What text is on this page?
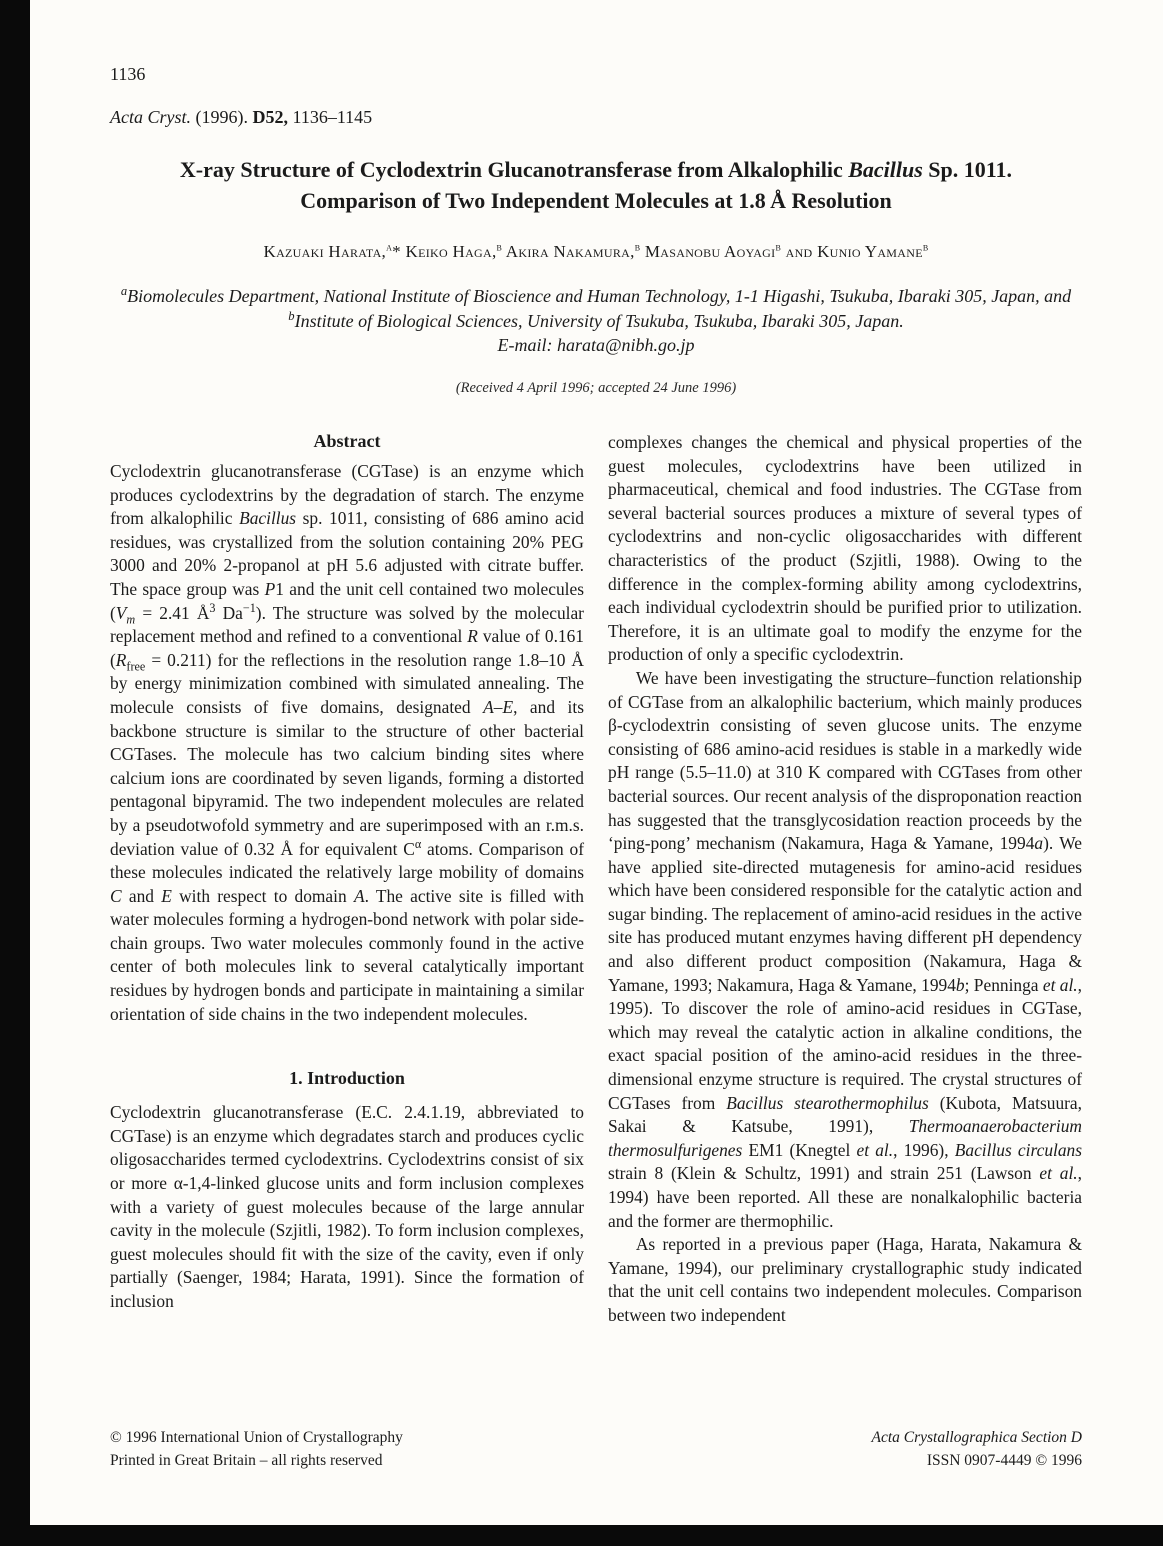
1136
Acta Cryst. (1996). D52, 1136–1145
X-ray Structure of Cyclodextrin Glucanotransferase from Alkalophilic Bacillus Sp. 1011. Comparison of Two Independent Molecules at 1.8 Å Resolution
Kazuaki Harata,$^a$* Keiko Haga,$^b$ Akira Nakamura,$^b$ Masanobu Aoyagi$^b$ and Kunio Yamane$^b$
$^a$Biomolecules Department, National Institute of Bioscience and Human Technology, 1-1 Higashi, Tsukuba, Ibaraki 305, Japan, and $^b$Institute of Biological Sciences, University of Tsukuba, Tsukuba, Ibaraki 305, Japan.
E-mail: harata@nibh.go.jp
(Received 4 April 1996; accepted 24 June 1996)
Abstract

Cyclodextrin glucanotransferase (CGTase) is an enzyme which produces cyclodextrins by the degradation of starch. The enzyme from alkalophilic Bacillus sp. 1011, consisting of 686 amino acid residues, was crystallized from the solution containing 20% PEG 3000 and 20% 2-propanol at pH 5.6 adjusted with citrate buffer. The space group was P1 and the unit cell contained two molecules ($V_m = 2.41$ $Å^3$ $Da^{-1}$). The structure was solved by the molecular replacement method and refined to a conventional R value of 0.161 $(R_{free} = 0.211)$ for the reflections in the resolution range 1.8–10 Å by energy minimization combined with simulated annealing. The molecule consists of five domains, designated A–E, and its backbone structure is similar to the structure of other bacterial CGTases. The molecule has two calcium binding sites where calcium ions are coordinated by seven ligands, forming a distorted pentagonal bipyramid. The two independent molecules are related by a pseudotwofold symmetry and are superimposed with an r.m.s. deviation value of 0.32 Å for equivalent $C^\alpha$ atoms. Comparison of these molecules indicated the relatively large mobility of domains C and E with respect to domain A. The active site is filled with water molecules forming a hydrogen-bond network with polar side-chain groups. Two water molecules commonly found in the active center of both molecules link to several catalytically important residues by hydrogen bonds and participate in maintaining a similar orientation of side chains in the two independent molecules.

1. Introduction

Cyclodextrin glucanotransferase (E.C. 2.4.1.19, abbreviated to CGTase) is an enzyme which degradates starch and produces cyclic oligosaccharides termed cyclodextrins. Cyclodextrins consist of six or more α-1,4-linked glucose units and form inclusion complexes with a variety of guest molecules because of the large annular cavity in the molecule (Szjitli, 1982). To form inclusion complexes, guest molecules should fit with the size of the cavity, even if only partially (Saenger, 1984; Harata, 1991). Since the formation of inclusion

complexes changes the chemical and physical properties of the guest molecules, cyclodextrins have been utilized in pharmaceutical, chemical and food industries. The CGTase from several bacterial sources produces a mixture of several types of cyclodextrins and non-cyclic oligosaccharides with different characteristics of the product (Szjitli, 1988). Owing to the difference in the complex-forming ability among cyclodextrins, each individual cyclodextrin should be purified prior to utilization. Therefore, it is an ultimate goal to modify the enzyme for the production of only a specific cyclodextrin.

We have been investigating the structure–function relationship of CGTase from an alkalophilic bacterium, which mainly produces β-cyclodextrin consisting of seven glucose units. The enzyme consisting of 686 amino-acid residues is stable in a markedly wide pH range (5.5–11.0) at 310 K compared with CGTases from other bacterial sources. Our recent analysis of the disproponation reaction has suggested that the transglycosidation reaction proceeds by the ‘ping-pong’ mechanism (Nakamura, Haga & Yamane, 1994a). We have applied site-directed mutagenesis for amino-acid residues which have been considered responsible for the catalytic action and sugar binding. The replacement of amino-acid residues in the active site has produced mutant enzymes having different pH dependency and also different product composition (Nakamura, Haga & Yamane, 1993; Nakamura, Haga & Yamane, 1994b; Penninga et al., 1995). To discover the role of amino-acid residues in CGTase, which may reveal the catalytic action in alkaline conditions, the exact spacial position of the amino-acid residues in the three-dimensional enzyme structure is required. The crystal structures of CGTases from Bacillus stearothermophilus (Kubota, Matsuura, Sakai & Katsube, 1991), Thermoanaerobacterium thermosulfurigenes EM1 (Knegtel et al., 1996), Bacillus circulans strain 8 (Klein & Schultz, 1991) and strain 251 (Lawson et al., 1994) have been reported. All these are nonalkalophilic bacteria and the former are thermophilic.

As reported in a previous paper (Haga, Harata, Nakamura & Yamane, 1994), our preliminary crystallographic study indicated that the unit cell contains two independent molecules. Comparison between two independent

© 1996 International Union of Crystallography
Printed in Great Britain – all rights reserved
Acta Crystallographica Section D
ISSN 0907-4449 © 1996
